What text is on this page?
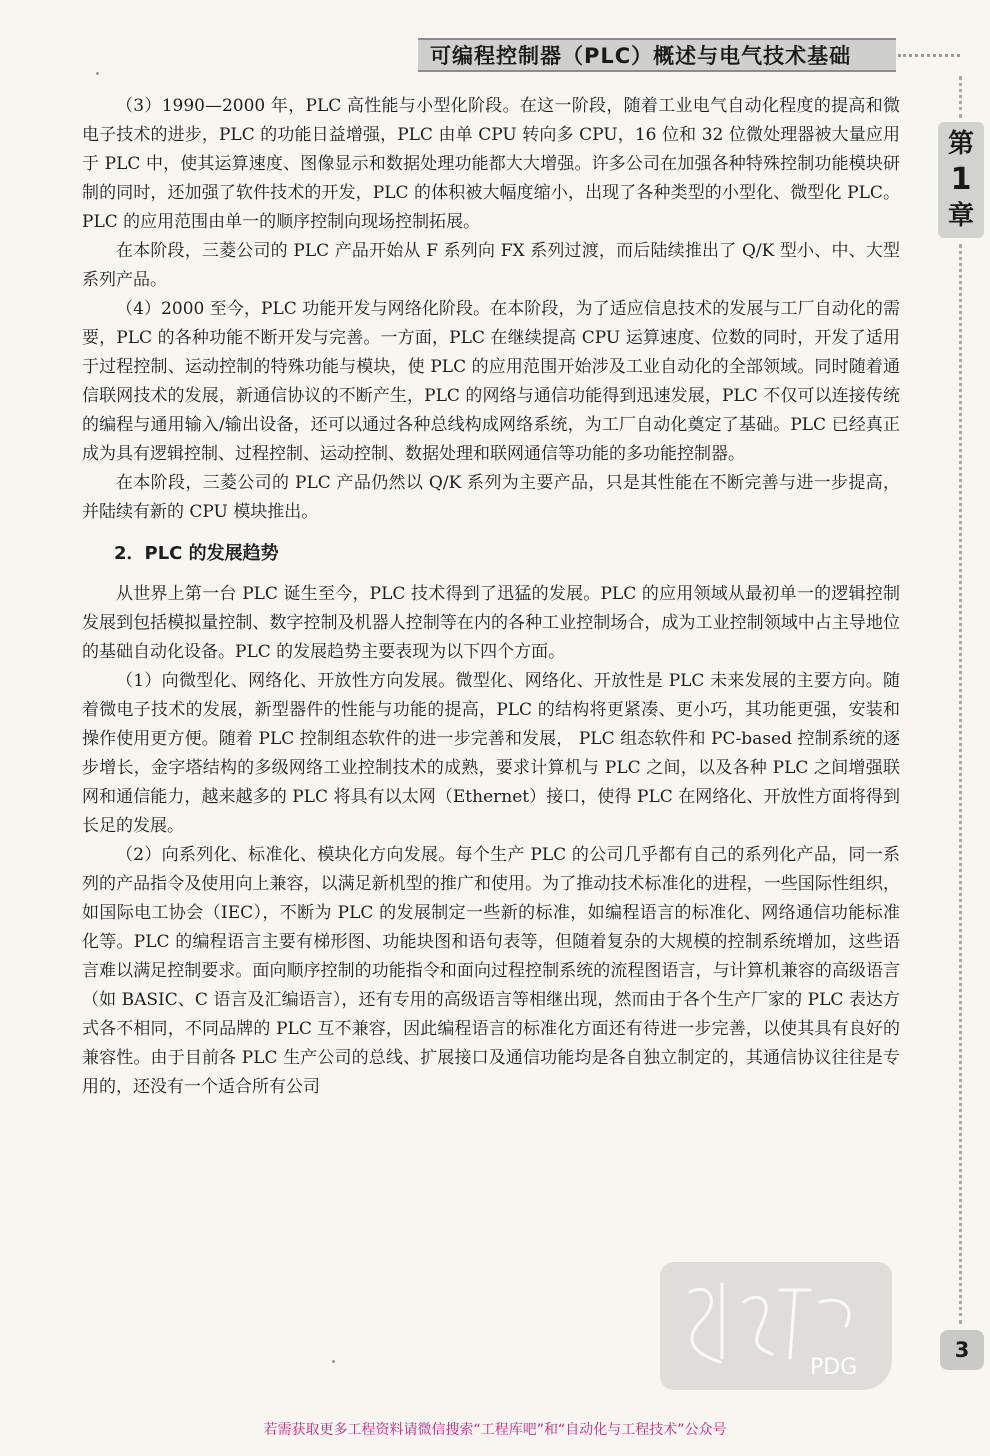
可编程控制器（PLC）概述与电气技术基础
第
1
章

（3）1990—2000 年，PLC 高性能与小型化阶段。在这一阶段，随着工业电气自动化程度的提高和微电子技术的进步，PLC 的功能日益增强，PLC 由单 CPU 转向多 CPU，16 位和 32 位微处理器被大量应用于 PLC 中，使其运算速度、图像显示和数据处理功能都大大增强。许多公司在加强各种特殊控制功能模块研制的同时，还加强了软件技术的开发，PLC 的体积被大幅度缩小，出现了各种类型的小型化、微型化 PLC。PLC 的应用范围由单一的顺序控制向现场控制拓展。

在本阶段，三菱公司的 PLC 产品开始从 F 系列向 FX 系列过渡，而后陆续推出了 Q/K 型小、中、大型系列产品。

（4）2000 至今，PLC 功能开发与网络化阶段。在本阶段，为了适应信息技术的发展与工厂自动化的需要，PLC 的各种功能不断开发与完善。一方面，PLC 在继续提高 CPU 运算速度、位数的同时，开发了适用于过程控制、运动控制的特殊功能与模块，使 PLC 的应用范围开始涉及工业自动化的全部领域。同时随着通信联网技术的发展，新通信协议的不断产生，PLC 的网络与通信功能得到迅速发展，PLC 不仅可以连接传统的编程与通用输入/输出设备，还可以通过各种总线构成网络系统，为工厂自动化奠定了基础。PLC 已经真正成为具有逻辑控制、过程控制、运动控制、数据处理和联网通信等功能的多功能控制器。

在本阶段，三菱公司的 PLC 产品仍然以 Q/K 系列为主要产品，只是其性能在不断完善与进一步提高，并陆续有新的 CPU 模块推出。

2．PLC 的发展趋势

从世界上第一台 PLC 诞生至今，PLC 技术得到了迅猛的发展。PLC 的应用领域从最初单一的逻辑控制发展到包括模拟量控制、数字控制及机器人控制等在内的各种工业控制场合，成为工业控制领域中占主导地位的基础自动化设备。PLC 的发展趋势主要表现为以下四个方面。

（1）向微型化、网络化、开放性方向发展。微型化、网络化、开放性是 PLC 未来发展的主要方向。随着微电子技术的发展，新型器件的性能与功能的提高，PLC 的结构将更紧凑、更小巧，其功能更强，安装和操作使用更方便。随着 PLC 控制组态软件的进一步完善和发展， PLC 组态软件和 PC-based 控制系统的逐步增长，金字塔结构的多级网络工业控制技术的成熟，要求计算机与 PLC 之间，以及各种 PLC 之间增强联网和通信能力，越来越多的 PLC 将具有以太网（Ethernet）接口，使得 PLC 在网络化、开放性方面将得到长足的发展。

（2）向系列化、标准化、模块化方向发展。每个生产 PLC 的公司几乎都有自己的系列化产品，同一系列的产品指令及使用向上兼容，以满足新机型的推广和使用。为了推动技术标准化的进程，一些国际性组织，如国际电工协会（IEC），不断为 PLC 的发展制定一些新的标准，如编程语言的标准化、网络通信功能标准化等。PLC 的编程语言主要有梯形图、功能块图和语句表等，但随着复杂的大规模的控制系统增加，这些语言难以满足控制要求。面向顺序控制的功能指令和面向过程控制系统的流程图语言，与计算机兼容的高级语言（如 BASIC、C 语言及汇编语言），还有专用的高级语言等相继出现，然而由于各个生产厂家的 PLC 表达方式各不相同，不同品牌的 PLC 互不兼容，因此编程语言的标准化方面还有待进一步完善，以使其具有良好的兼容性。由于目前各 PLC 生产公司的总线、扩展接口及通信功能均是各自独立制定的，其通信协议往往是专用的，还没有一个适合所有公司

PDG
3
若需获取更多工程资料请微信搜索“工程库吧”和“自动化与工程技术”公众号
